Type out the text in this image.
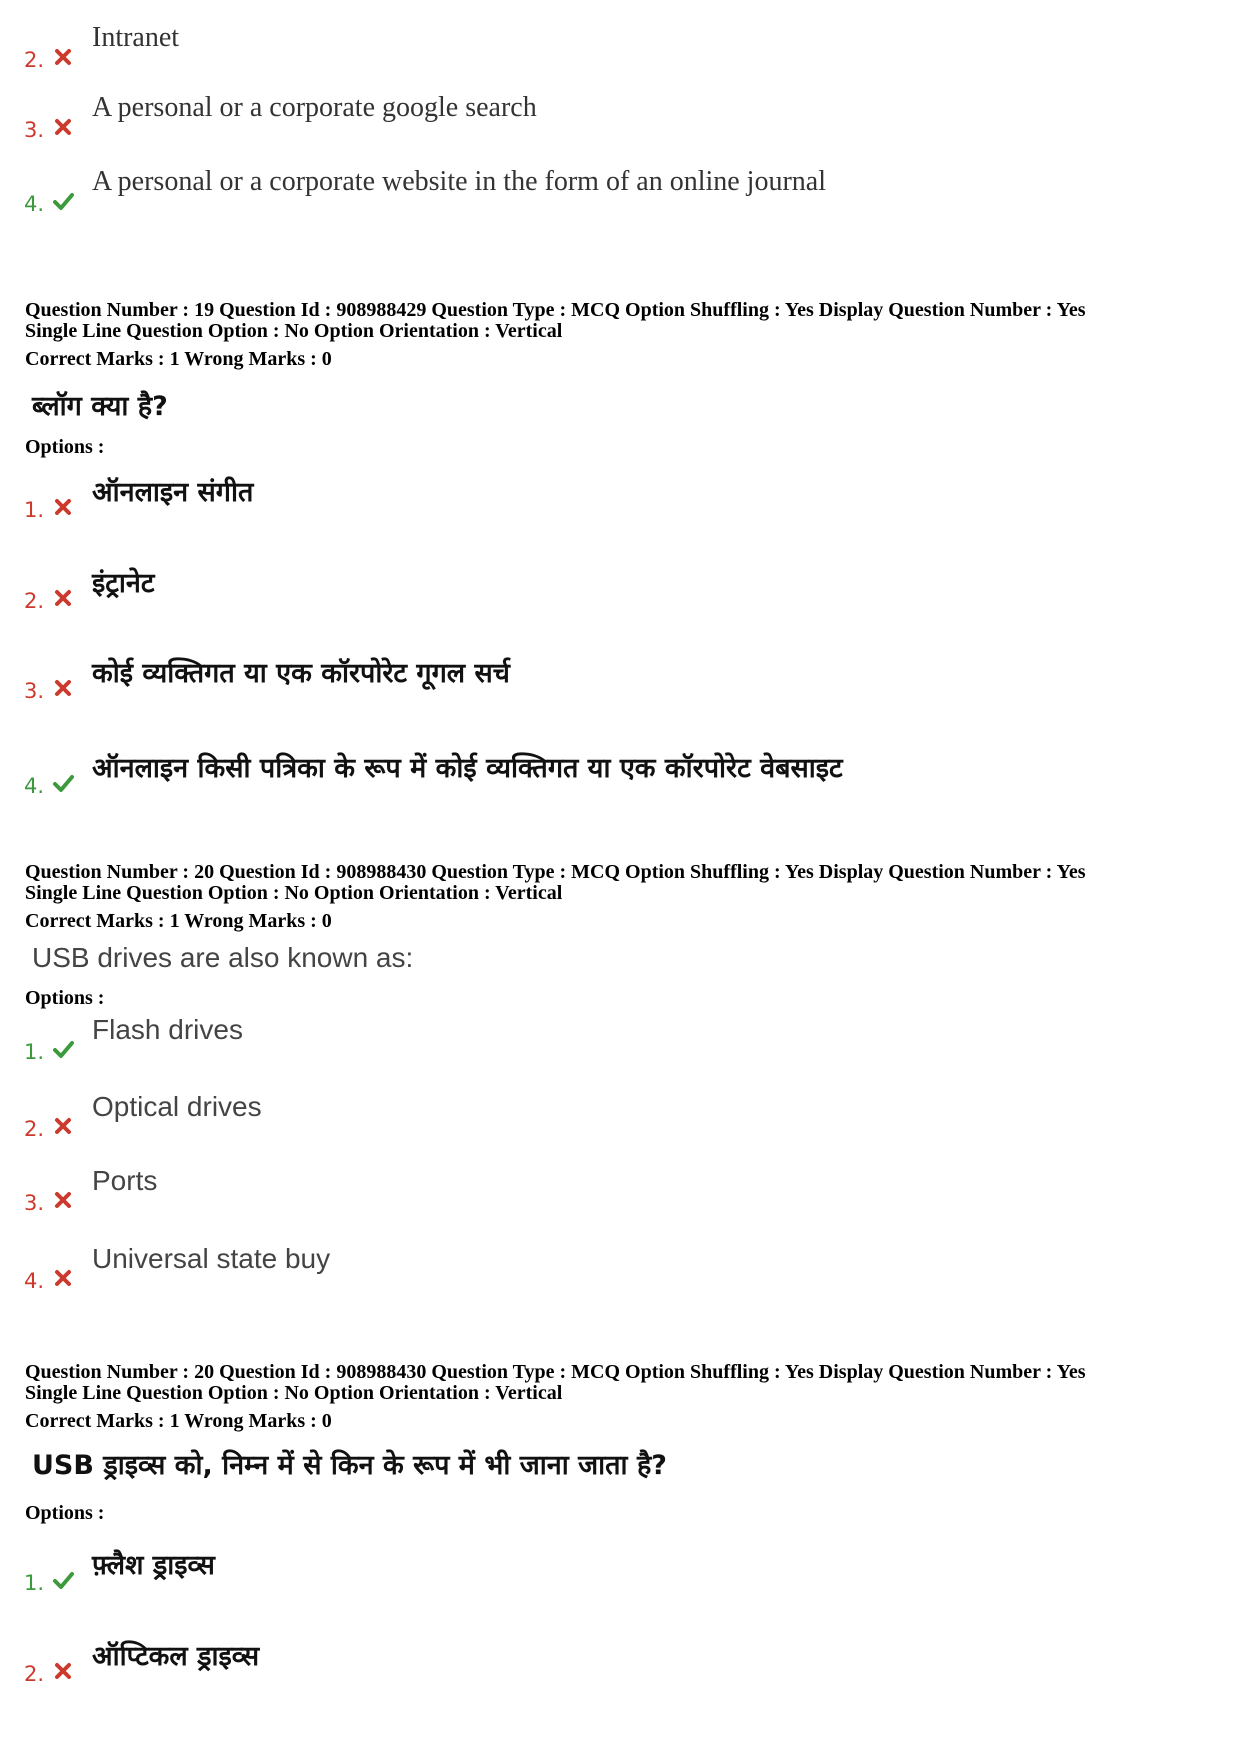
2.
Intranet
3.
A personal or a corporate google search
4.
A personal or a corporate website in the form of an online journal
Question Number : 19 Question Id : 908988429 Question Type : MCQ Option Shuffling : Yes Display Question Number : Yes
Single Line Question Option : No Option Orientation : Vertical
Correct Marks : 1 Wrong Marks : 0
ब्लॉग क्या है?
Options :
1.
ऑनलाइन संगीत
2.
इंट्रानेट
3.
कोई व्यक्तिगत या एक कॉरपोरेट गूगल सर्च
4.
ऑनलाइन किसी पत्रिका के रूप में कोई व्यक्तिगत या एक कॉरपोरेट वेबसाइट
Question Number : 20 Question Id : 908988430 Question Type : MCQ Option Shuffling : Yes Display Question Number : Yes
Single Line Question Option : No Option Orientation : Vertical
Correct Marks : 1 Wrong Marks : 0
USB drives are also known as:
Options :
1.
Flash drives
2.
Optical drives
3.
Ports
4.
Universal state buy
Question Number : 20 Question Id : 908988430 Question Type : MCQ Option Shuffling : Yes Display Question Number : Yes
Single Line Question Option : No Option Orientation : Vertical
Correct Marks : 1 Wrong Marks : 0
USB ड्राइव्स को, निम्न में से किन के रूप में भी जाना जाता है?
Options :
1.
फ़्लैश ड्राइव्स
2.
ऑप्टिकल ड्राइव्स
